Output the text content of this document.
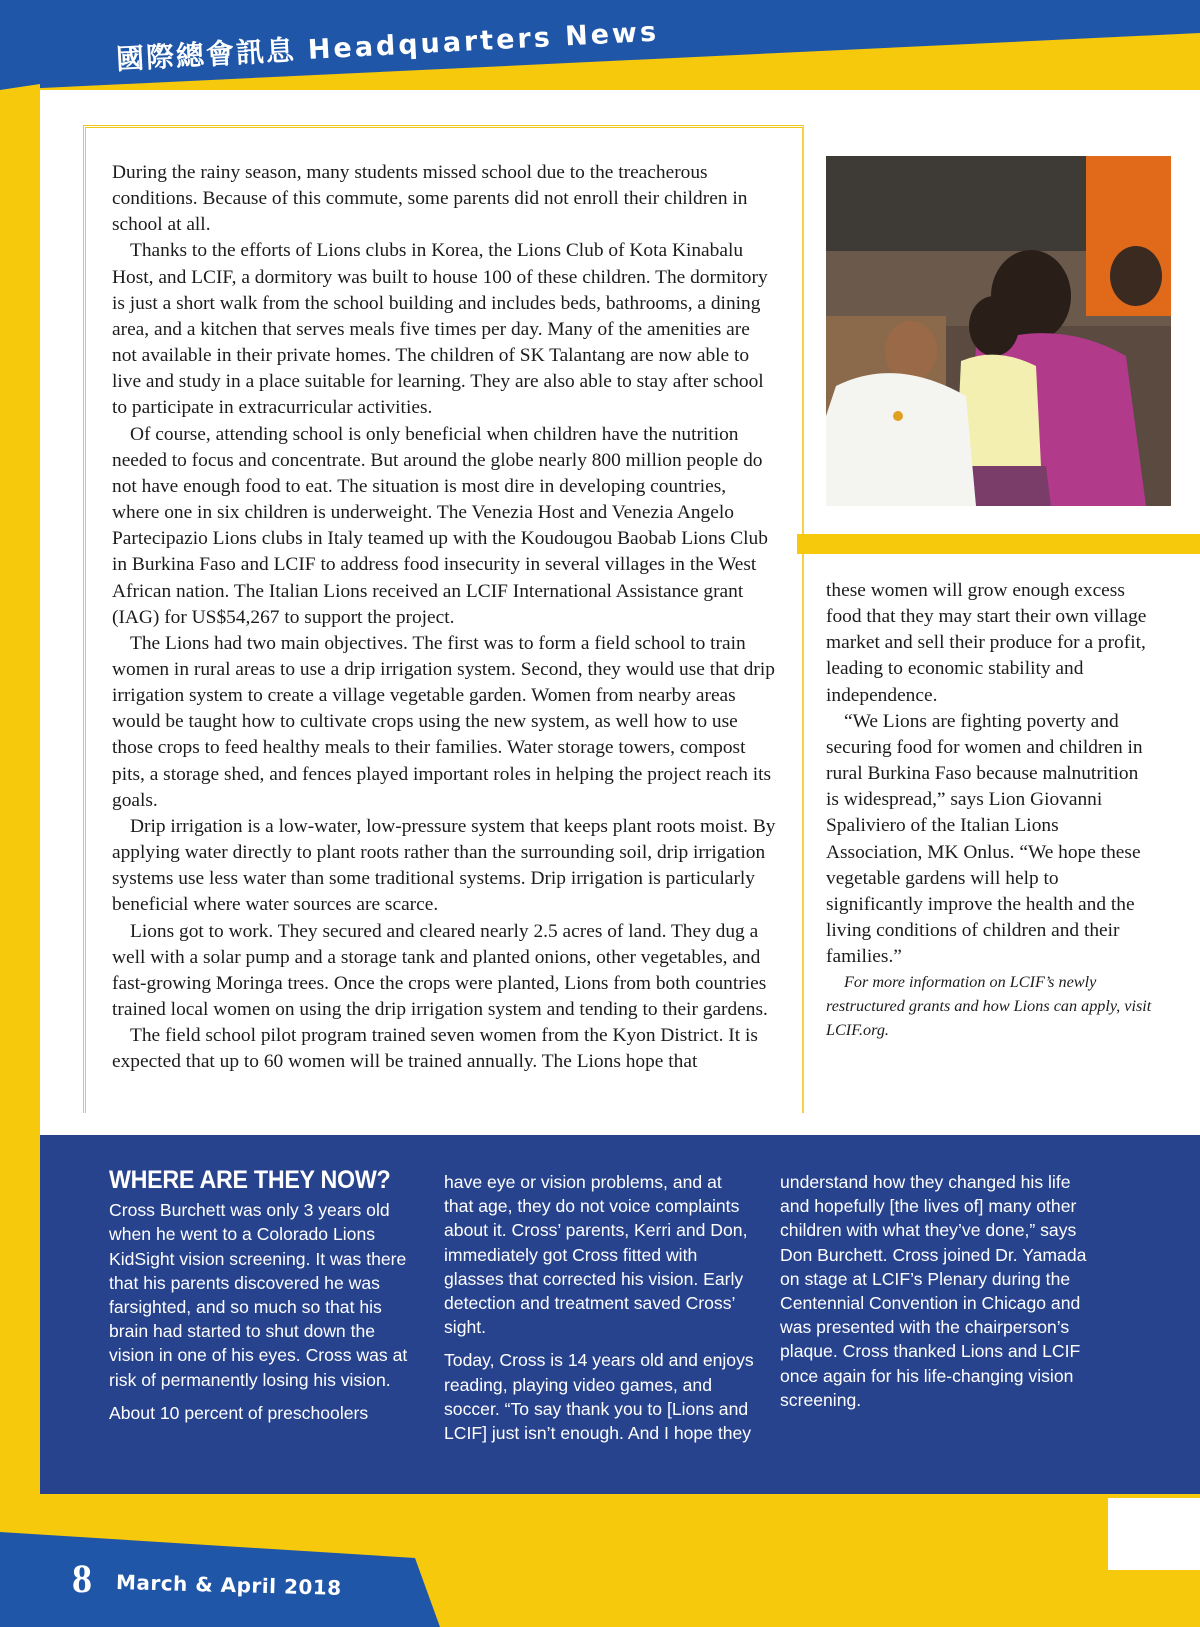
國際總會訊息 Headquarters News

During the rainy season, many students missed school due to the treacherous conditions. Because of this commute, some parents did not enroll their children in school at all.

Thanks to the efforts of Lions clubs in Korea, the Lions Club of Kota Kinabalu Host, and LCIF, a dormitory was built to house 100 of these children. The dormitory is just a short walk from the school building and includes beds, bathrooms, a dining area, and a kitchen that serves meals five times per day. Many of the amenities are not available in their private homes. The children of SK Talantang are now able to live and study in a place suitable for learning. They are also able to stay after school to participate in extracurricular activities.

Of course, attending school is only beneficial when children have the nutrition needed to focus and concentrate. But around the globe nearly 800 million people do not have enough food to eat. The situation is most dire in developing countries, where one in six children is underweight. The Venezia Host and Venezia Angelo Partecipazio Lions clubs in Italy teamed up with the Koudougou Baobab Lions Club in Burkina Faso and LCIF to address food insecurity in several villages in the West African nation. The Italian Lions received an LCIF International Assistance grant (IAG) for US$54,267 to support the project.

The Lions had two main objectives. The first was to form a field school to train women in rural areas to use a drip irrigation system. Second, they would use that drip irrigation system to create a village vegetable garden. Women from nearby areas would be taught how to cultivate crops using the new system, as well how to use those crops to feed healthy meals to their families. Water storage towers, compost pits, a storage shed, and fences played important roles in helping the project reach its goals.

Drip irrigation is a low-water, low-pressure system that keeps plant roots moist. By applying water directly to plant roots rather than the surrounding soil, drip irrigation systems use less water than some traditional systems. Drip irrigation is particularly beneficial where water sources are scarce.

Lions got to work. They secured and cleared nearly 2.5 acres of land. They dug a well with a solar pump and a storage tank and planted onions, other vegetables, and fast-growing Moringa trees. Once the crops were planted, Lions from both countries trained local women on using the drip irrigation system and tending to their gardens.

The field school pilot program trained seven women from the Kyon District. It is expected that up to 60 women will be trained annually. The Lions hope that

these women will grow enough excess food that they may start their own village market and sell their produce for a profit, leading to economic stability and independence.

“We Lions are fighting poverty and securing food for women and children in rural Burkina Faso because malnutrition is widespread,” says Lion Giovanni Spaliviero of the Italian Lions Association, MK Onlus. “We hope these vegetable gardens will help to significantly improve the health and the living conditions of children and their families.”

For more information on LCIF’s newly restructured grants and how Lions can apply, visit LCIF.org.

WHERE ARE THEY NOW?

Cross Burchett was only 3 years old when he went to a Colorado Lions KidSight vision screening. It was there that his parents discovered he was farsighted, and so much so that his brain had started to shut down the vision in one of his eyes. Cross was at risk of permanently losing his vision.

About 10 percent of preschoolers

have eye or vision problems, and at that age, they do not voice complaints about it. Cross’ parents, Kerri and Don, immediately got Cross fitted with glasses that corrected his vision. Early detection and treatment saved Cross’ sight.

Today, Cross is 14 years old and enjoys reading, playing video games, and soccer. “To say thank you to [Lions and LCIF] just isn’t enough. And I hope they

understand how they changed his life and hopefully [the lives of] many other children with what they’ve done,” says Don Burchett. Cross joined Dr. Yamada on stage at LCIF’s Plenary during the Centennial Convention in Chicago and was presented with the chairperson’s plaque. Cross thanked Lions and LCIF once again for his life-changing vision screening.

8 March & April 2018
